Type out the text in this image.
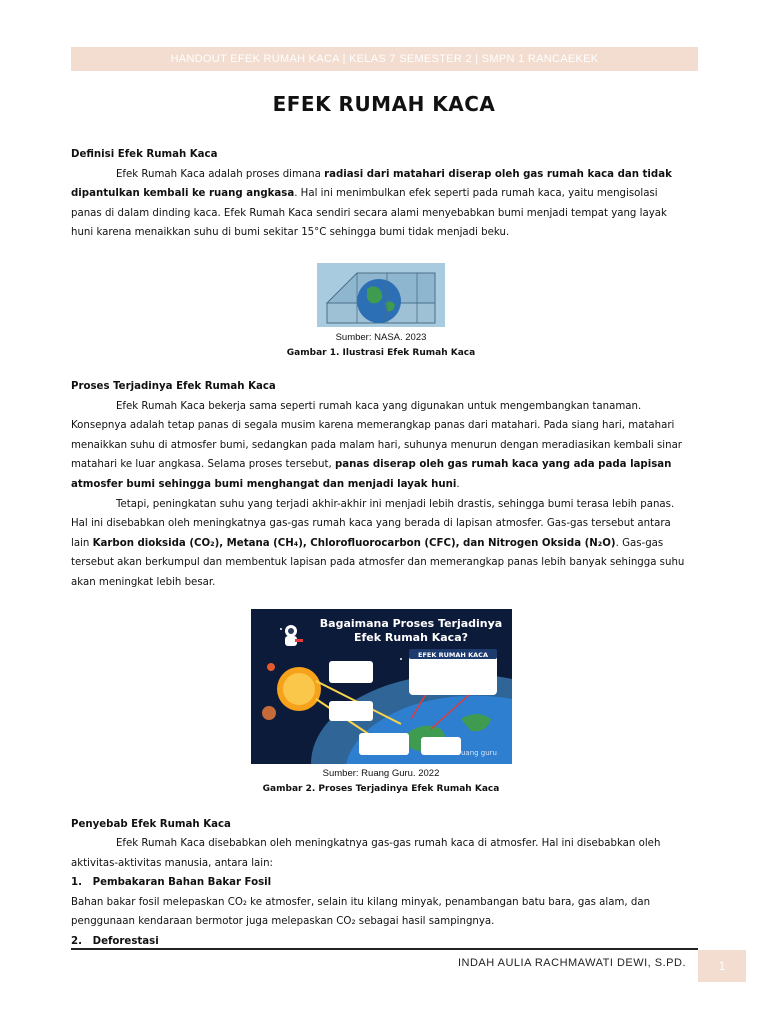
HANDOUT EFEK RUMAH KACA | KELAS 7 SEMESTER 2 | SMPN 1 RANCAEKEK
EFEK RUMAH KACA

Definisi Efek Rumah Kaca

Efek Rumah Kaca adalah proses dimana radiasi dari matahari diserap oleh gas rumah kaca dan tidak dipantulkan kembali ke ruang angkasa. Hal ini menimbulkan efek seperti pada rumah kaca, yaitu mengisolasi panas di dalam dinding kaca. Efek Rumah Kaca sendiri secara alami menyebabkan bumi menjadi tempat yang layak huni karena menaikkan suhu di bumi sekitar 15°C sehingga bumi tidak menjadi beku.

Sumber: NASA. 2023
Gambar 1. Ilustrasi Efek Rumah Kaca

Proses Terjadinya Efek Rumah Kaca

Efek Rumah Kaca bekerja sama seperti rumah kaca yang digunakan untuk mengembangkan tanaman. Konsepnya adalah tetap panas di segala musim karena memerangkap panas dari matahari. Pada siang hari, matahari menaikkan suhu di atmosfer bumi, sedangkan pada malam hari, suhunya menurun dengan meradiasikan kembali sinar matahari ke luar angkasa. Selama proses tersebut, panas diserap oleh gas rumah kaca yang ada pada lapisan atmosfer bumi sehingga bumi menghangat dan menjadi layak huni.

Tetapi, peningkatan suhu yang terjadi akhir-akhir ini menjadi lebih drastis, sehingga bumi terasa lebih panas. Hal ini disebabkan oleh meningkatnya gas-gas rumah kaca yang berada di lapisan atmosfer. Gas-gas tersebut antara lain Karbon dioksida (CO₂), Metana (CH₄), Chlorofluorocarbon (CFC), dan Nitrogen Oksida (N₂O). Gas-gas tersebut akan berkumpul dan membentuk lapisan pada atmosfer dan memerangkap panas lebih banyak sehingga suhu akan meningkat lebih besar.

Bagaimana Proses Terjadinya
Efek Rumah Kaca?
EFEK RUMAH KACA
ruang guru
Sumber: Ruang Guru. 2022
Gambar 2. Proses Terjadinya Efek Rumah Kaca

Penyebab Efek Rumah Kaca

Efek Rumah Kaca disebabkan oleh meningkatnya gas-gas rumah kaca di atmosfer. Hal ini disebabkan oleh aktivitas-aktivitas manusia, antara lain:

1. Pembakaran Bahan Bakar Fosil

Bahan bakar fosil melepaskan CO₂ ke atmosfer, selain itu kilang minyak, penambangan batu bara, gas alam, dan penggunaan kendaraan bermotor juga melepaskan CO₂ sebagai hasil sampingnya.

2. Deforestasi

INDAH AULIA RACHMAWATI DEWI, S.PD.	1
